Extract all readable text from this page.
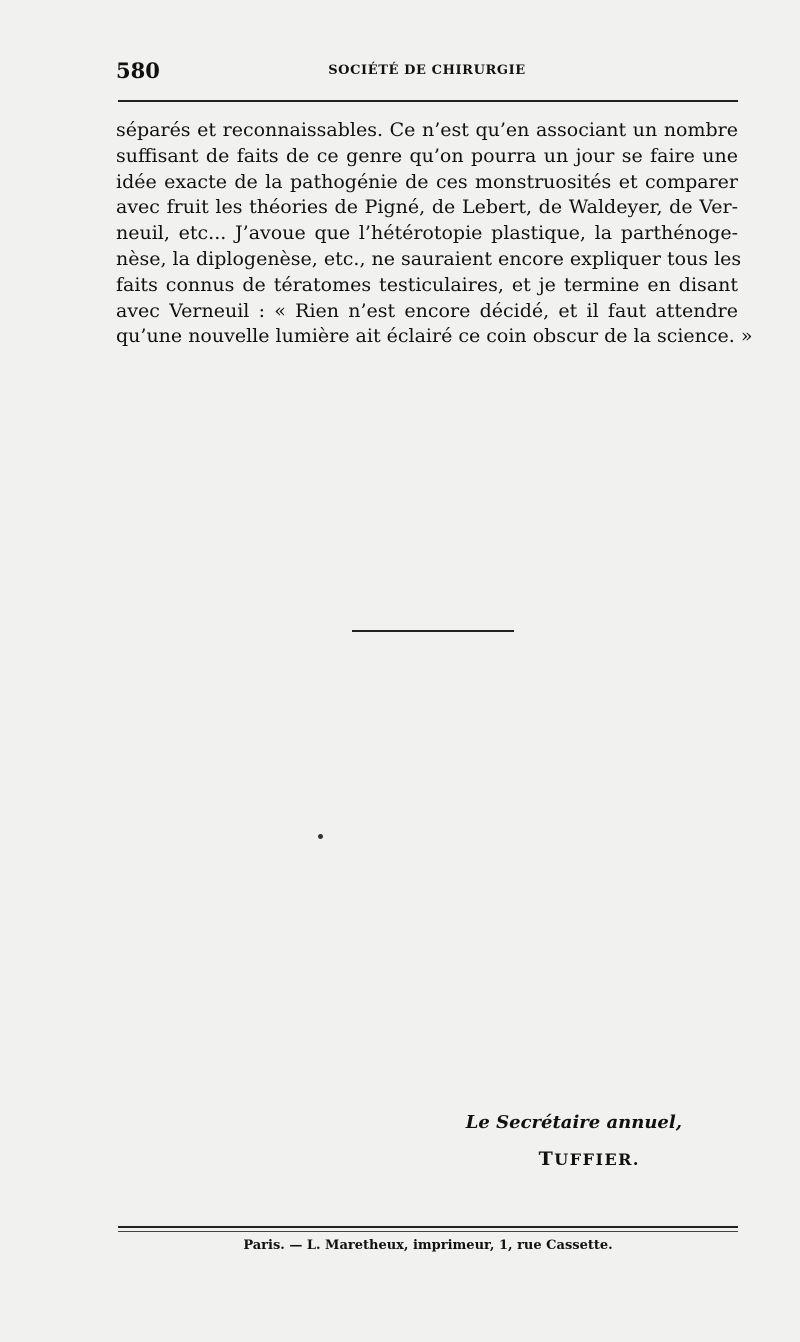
580	SOCIÉTÉ DE CHIRURGIE

séparés et reconnaissables. Ce n’est qu’en associant un nombre
suffisant de faits de ce genre qu’on pourra un jour se faire une
idée exacte de la pathogénie de ces monstruosités et comparer
avec fruit les théories de Pigné, de Lebert, de Waldeyer, de Ver-
neuil, etc... J’avoue que l’hétérotopie plastique, la parthénoge-
nèse, la diplogenèse, etc., ne sauraient encore expliquer tous les
faits connus de tératomes testiculaires, et je termine en disant
avec Verneuil : « Rien n’est encore décidé, et il faut attendre
qu’une nouvelle lumière ait éclairé ce coin obscur de la science. »

Le Secrétaire annuel,
TUFFIER.
Paris. — L. Maretheux, imprimeur, 1, rue Cassette.
